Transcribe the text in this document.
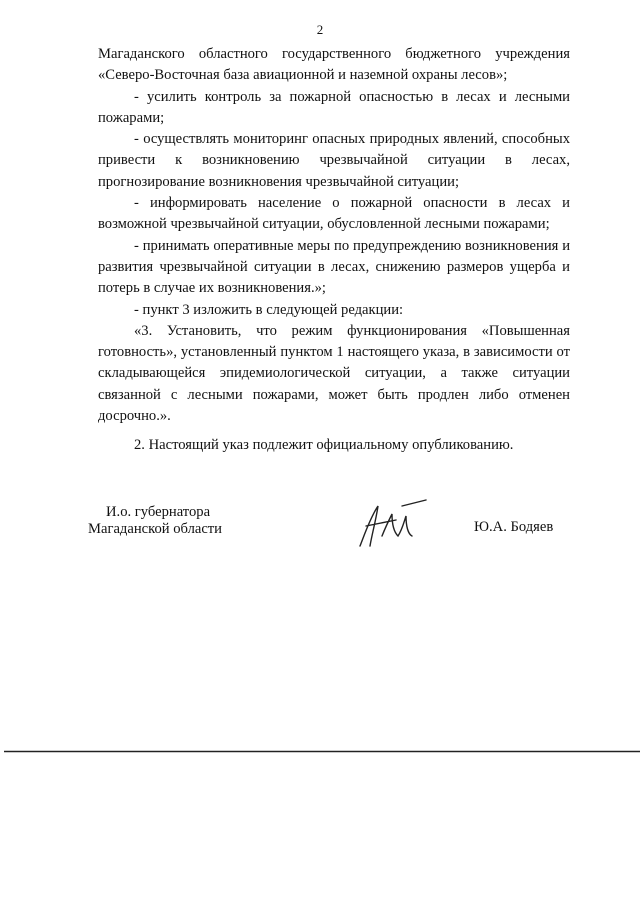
2

Магаданского областного государственного бюджетного учреждения «Северо-Восточная база авиационной и наземной охраны лесов»;

- усилить контроль за пожарной опасностью в лесах и лесными пожарами;

- осуществлять мониторинг опасных природных явлений, способных привести к возникновению чрезвычайной ситуации в лесах, прогнозирование возникновения чрезвычайной ситуации;

- информировать население о пожарной опасности в лесах и возможной чрезвычайной ситуации, обусловленной лесными пожарами;

- принимать оперативные меры по предупреждению возникновения и развития чрезвычайной ситуации в лесах, снижению размеров ущерба и потерь в случае их возникновения.»;

- пункт 3 изложить в следующей редакции:

«3. Установить, что режим функционирования «Повышенная готовность», установленный пунктом 1 настоящего указа, в зависимости от складывающейся эпидемиологической ситуации, а также ситуации связанной с лесными пожарами, может быть продлен либо отменен досрочно.».

2. Настоящий указ подлежит официальному опубликованию.

И.о. губернатора
Магаданской области	Ю.А. Бодяев
